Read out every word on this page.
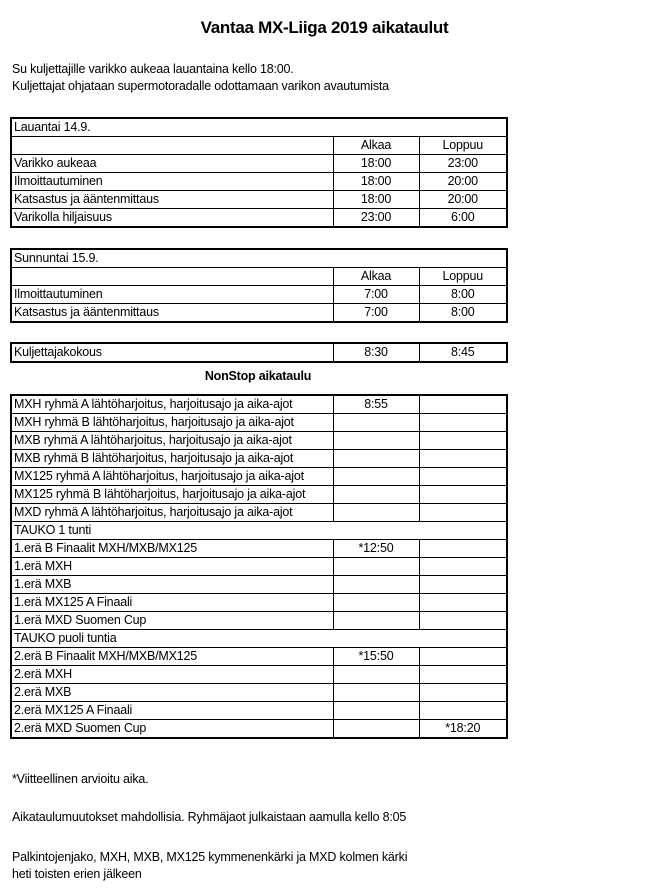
Vantaa MX-Liiga 2019 aikataulut
Su kuljettajille varikko aukeaa lauantaina kello 18:00.
Kuljettajat ohjataan supermotoradalle odottamaan varikon avautumista
Lauantai 14.9.		
	Alkaa	Loppuu
Varikko aukeaa	18:00	23:00
Ilmoittautuminen	18:00	20:00
Katsastus ja ääntenmittaus	18:00	20:00
Varikolla hiljaisuus	23:00	6:00
Sunnuntai 15.9.		
	Alkaa	Loppuu
Ilmoittautuminen	7:00	8:00
Katsastus ja ääntenmittaus	7:00	8:00
Kuljettajakokous	8:30	8:45
NonStop aikataulu
MXH ryhmä A lähtöharjoitus, harjoitusajo ja aika-ajot	8:55	
MXH ryhmä B lähtöharjoitus, harjoitusajo ja aika-ajot		
MXB ryhmä A lähtöharjoitus, harjoitusajo ja aika-ajot		
MXB ryhmä B lähtöharjoitus, harjoitusajo ja aika-ajot		
MX125 ryhmä A lähtöharjoitus, harjoitusajo ja aika-ajot		
MX125 ryhmä B lähtöharjoitus, harjoitusajo ja aika-ajot		
MXD ryhmä A lähtöharjoitus, harjoitusajo ja aika-ajot		
TAUKO 1 tunti		
1.erä B Finaalit MXH/MXB/MX125	*12:50	
1.erä MXH		
1.erä MXB		
1.erä MX125 A Finaali		
1.erä MXD Suomen Cup		
TAUKO puoli tuntia		
2.erä B Finaalit MXH/MXB/MX125	*15:50	
2.erä MXH		
2.erä MXB		
2.erä MX125 A Finaali		
2.erä MXD Suomen Cup		*18:20
*Viitteellinen arvioitu aika.
Aikataulumuutokset mahdollisia. Ryhmäjaot julkaistaan aamulla kello 8:05
Palkintojenjako, MXH, MXB, MX125 kymmenenkärki ja MXD kolmen kärki
heti toisten erien jälkeen
